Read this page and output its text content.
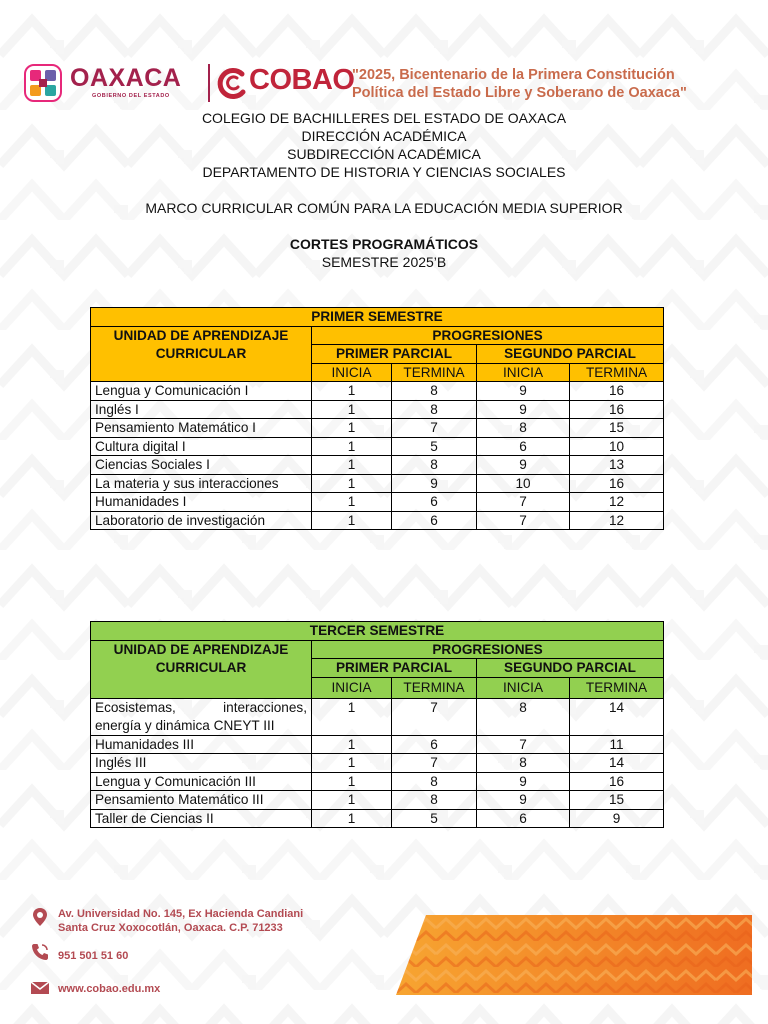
OAXACA
GOBIERNO DEL ESTADO	COBAO
"2025, Bicentenario de la Primera Constitución
Política del Estado Libre y Soberano de Oaxaca"
COLEGIO DE BACHILLERES DEL ESTADO DE OAXACA
DIRECCIÓN ACADÉMICA
SUBDIRECCIÓN ACADÉMICA
DEPARTAMENTO DE HISTORIA Y CIENCIAS SOCIALES
MARCO CURRICULAR COMÚN PARA LA EDUCACIÓN MEDIA SUPERIOR
CORTES PROGRAMÁTICOS
SEMESTRE 2025’B
PRIMER SEMESTRE				
UNIDAD DE APRENDIZAJE CURRICULAR	PROGRESIONES			
	PRIMER PARCIAL		SEGUNDO PARCIAL	
	INICIA	TERMINA	INICIA	TERMINA
Lengua y Comunicación I	1	8	9	16
Inglés I	1	8	9	16
Pensamiento Matemático I	1	7	8	15
Cultura digital I	1	5	6	10
Ciencias Sociales I	1	8	9	13
La materia y sus interacciones	1	9	10	16
Humanidades I	1	6	7	12
Laboratorio de investigación	1	6	7	12
TERCER SEMESTRE				
UNIDAD DE APRENDIZAJE CURRICULAR	PROGRESIONES			
	PRIMER PARCIAL		SEGUNDO PARCIAL	
	INICIA	TERMINA	INICIA	TERMINA
Ecosistemas, interacciones, energía y dinámica CNEYT III	1	7	8	14
Humanidades III	1	6	7	11
Inglés III	1	7	8	14
Lengua y Comunicación III	1	8	9	16
Pensamiento Matemático III	1	8	9	15
Taller de Ciencias II	1	5	6	9
Av. Universidad No. 145, Ex Hacienda Candiani
Santa Cruz Xoxocotlán, Oaxaca. C.P. 71233
951 501 51 60
www.cobao.edu.mx
